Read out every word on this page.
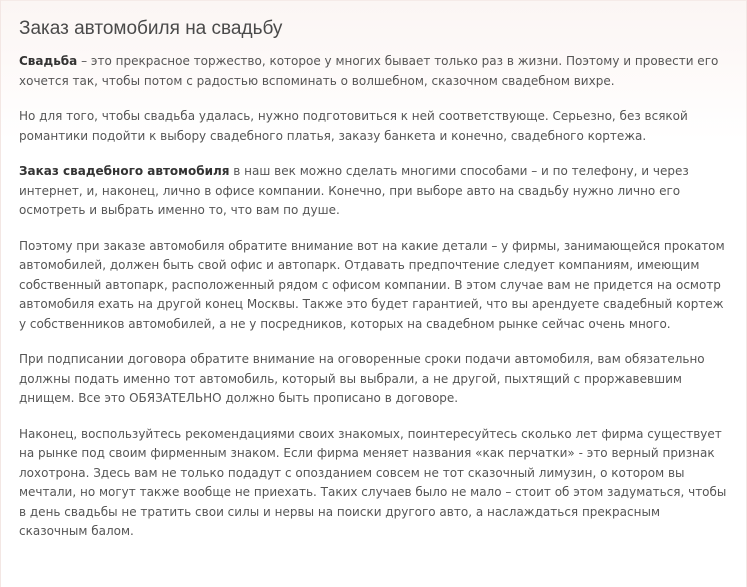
Заказ автомобиля на свадьбу

Свадьба – это прекрасное торжество, которое у многих бывает только раз в жизни. Поэтому и провести его хочется так, чтобы потом с радостью вспоминать о волшебном, сказочном свадебном вихре.

Но для того, чтобы свадьба удалась, нужно подготовиться к ней соответствующе. Серьезно, без всякой романтики подойти к выбору свадебного платья, заказу банкета и конечно, свадебного кортежа.

Заказ свадебного автомобиля в наш век можно сделать многими способами – и по телефону, и через интернет, и, наконец, лично в офисе компании. Конечно, при выборе авто на свадьбу нужно лично его осмотреть и выбрать именно то, что вам по душе.

Поэтому при заказе автомобиля обратите внимание вот на какие детали – у фирмы, занимающейся прокатом автомобилей, должен быть свой офис и автопарк. Отдавать предпочтение следует компаниям, имеющим собственный автопарк, расположенный рядом с офисом компании. В этом случае вам не придется на осмотр автомобиля ехать на другой конец Москвы. Также это будет гарантией, что вы арендуете свадебный кортеж у собственников автомобилей, а не у посредников, которых на свадебном рынке сейчас очень много.

При подписании договора обратите внимание на оговоренные сроки подачи автомобиля, вам обязательно должны подать именно тот автомобиль, который вы выбрали, а не другой, пыхтящий с проржавевшим днищем. Все это ОБЯЗАТЕЛЬНО должно быть прописано в договоре.

Наконец, воспользуйтесь рекомендациями своих знакомых, поинтересуйтесь сколько лет фирма существует на рынке под своим фирменным знаком. Если фирма меняет названия «как перчатки» - это верный признак лохотрона. Здесь вам не только подадут с опозданием совсем не тот сказочный лимузин, о котором вы мечтали, но могут также вообще не приехать. Таких случаев было не мало – стоит об этом задуматься, чтобы в день свадьбы не тратить свои силы и нервы на поиски другого авто, а наслаждаться прекрасным сказочным балом.
